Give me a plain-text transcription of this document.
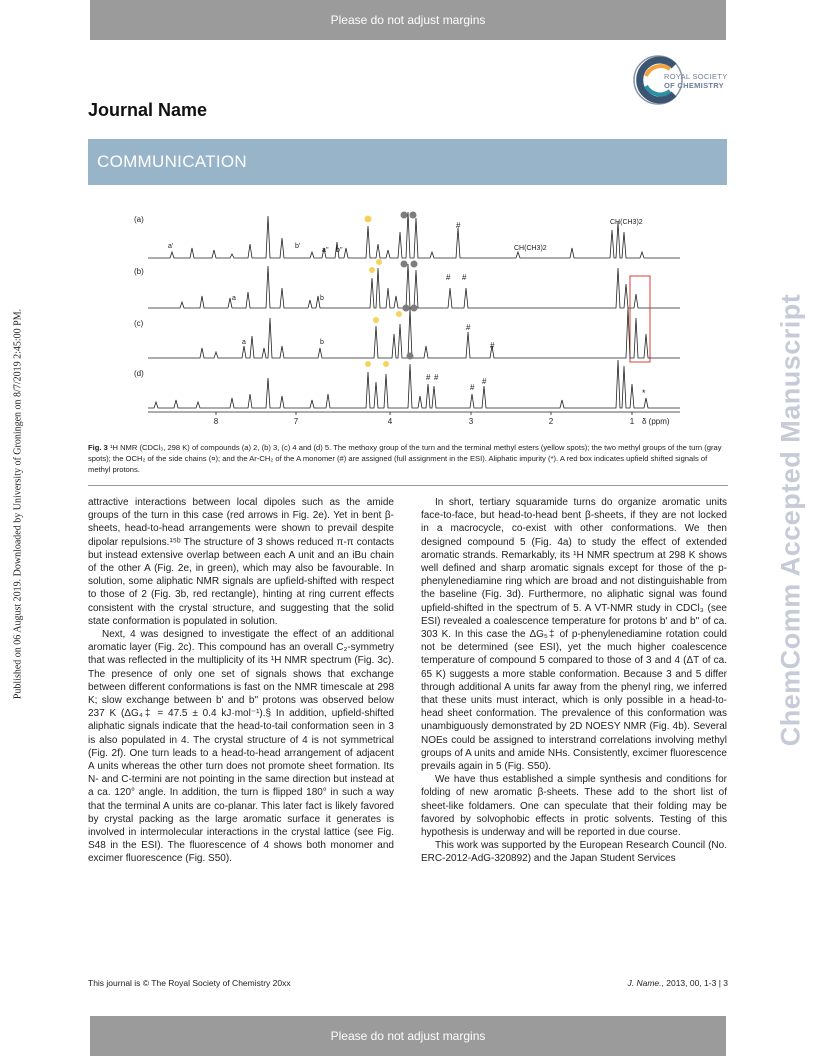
Please do not adjust margins
Published on 06 August 2019. Downloaded by University of Groningen on 8/7/2019 2:45:00 PM.	ChemComm Accepted Manuscript
ROYAL SOCIETY
OF CHEMISTRY
Journal Name
COMMUNICATION
(a)
a'	b'
a'' b''
#
CH(CH3)2
CH(CH3)2
(b)
a	b
# #
(c)
a	b
#
#
(d)	# #
#
#
*
8	7	4	3	2	1 δ (ppm)
Fig. 3 ¹H NMR (CDCl₃, 298 K) of compounds (a) 2, (b) 3, (c) 4 and (d) 5. The methoxy group of the turn and the terminal methyl esters (yellow spots); the two methyl groups of the turn (gray spots); the OCH₂ of the side chains (¤); and the Ar-CH₂ of the A monomer (#) are assigned (full assignment in the ESI). Aliphatic impurity (*). A red box indicates upfield shifted signals of methyl protons.

attractive interactions between local dipoles such as the amide groups of the turn in this case (red arrows in Fig. 2e). Yet in bent β-sheets, head-to-head arrangements were shown to prevail despite dipolar repulsions.¹⁵ᵇ The structure of 3 shows reduced π-π contacts but instead extensive overlap between each A unit and an iBu chain of the other A (Fig. 2e, in green), which may also be favourable. In solution, some aliphatic NMR signals are upfield-shifted with respect to those of 2 (Fig. 3b, red rectangle), hinting at ring current effects consistent with the crystal structure, and suggesting that the solid state conformation is populated in solution.

Next, 4 was designed to investigate the effect of an additional aromatic layer (Fig. 2c). This compound has an overall C₂-symmetry that was reflected in the multiplicity of its ¹H NMR spectrum (Fig. 3c). The presence of only one set of signals shows that exchange between different conformations is fast on the NMR timescale at 298 K; slow exchange between b' and b'' protons was observed below 237 K (ΔG₄‡ = 47.5 ± 0.4 kJ·mol⁻¹).§ In addition, upfield-shifted aliphatic signals indicate that the head-to-tail conformation seen in 3 is also populated in 4. The crystal structure of 4 is not symmetrical (Fig. 2f). One turn leads to a head-to-head arrangement of adjacent A units whereas the other turn does not promote sheet formation. Its N- and C-termini are not pointing in the same direction but instead at a ca. 120° angle. In addition, the turn is flipped 180° in such a way that the terminal A units are co-planar. This later fact is likely favored by crystal packing as the large aromatic surface it generates is involved in intermolecular interactions in the crystal lattice (see Fig. S48 in the ESI). The fluorescence of 4 shows both monomer and excimer fluorescence (Fig. S50).

In short, tertiary squaramide turns do organize aromatic units face-to-face, but head-to-head bent β-sheets, if they are not locked in a macrocycle, co-exist with other conformations. We then designed compound 5 (Fig. 4a) to study the effect of extended aromatic strands. Remarkably, its ¹H NMR spectrum at 298 K shows well defined and sharp aromatic signals except for those of the p-phenylenediamine ring which are broad and not distinguishable from the baseline (Fig. 3d). Furthermore, no aliphatic signal was found upfield-shifted in the spectrum of 5. A VT-NMR study in CDCl₃ (see ESI) revealed a coalescence temperature for protons b' and b'' of ca. 303 K. In this case the ΔG₅‡ of p-phenylenediamine rotation could not be determined (see ESI), yet the much higher coalescence temperature of compound 5 compared to those of 3 and 4 (ΔT of ca. 65 K) suggests a more stable conformation. Because 3 and 5 differ through additional A units far away from the phenyl ring, we inferred that these units must interact, which is only possible in a head-to-head sheet conformation. The prevalence of this conformation was unambiguously demonstrated by 2D NOESY NMR (Fig. 4b). Several NOEs could be assigned to interstrand correlations involving methyl groups of A units and amide NHs. Consistently, excimer fluorescence prevails again in 5 (Fig. S50).

We have thus established a simple synthesis and conditions for folding of new aromatic β-sheets. These add to the short list of sheet-like foldamers. One can speculate that their folding may be favored by solvophobic effects in protic solvents. Testing of this hypothesis is underway and will be reported in due course.

This work was supported by the European Research Council (No. ERC-2012-AdG-320892) and the Japan Student Services

This journal is © The Royal Society of Chemistry 20xx	J. Name., 2013, 00, 1-3 | 3
Please do not adjust margins
